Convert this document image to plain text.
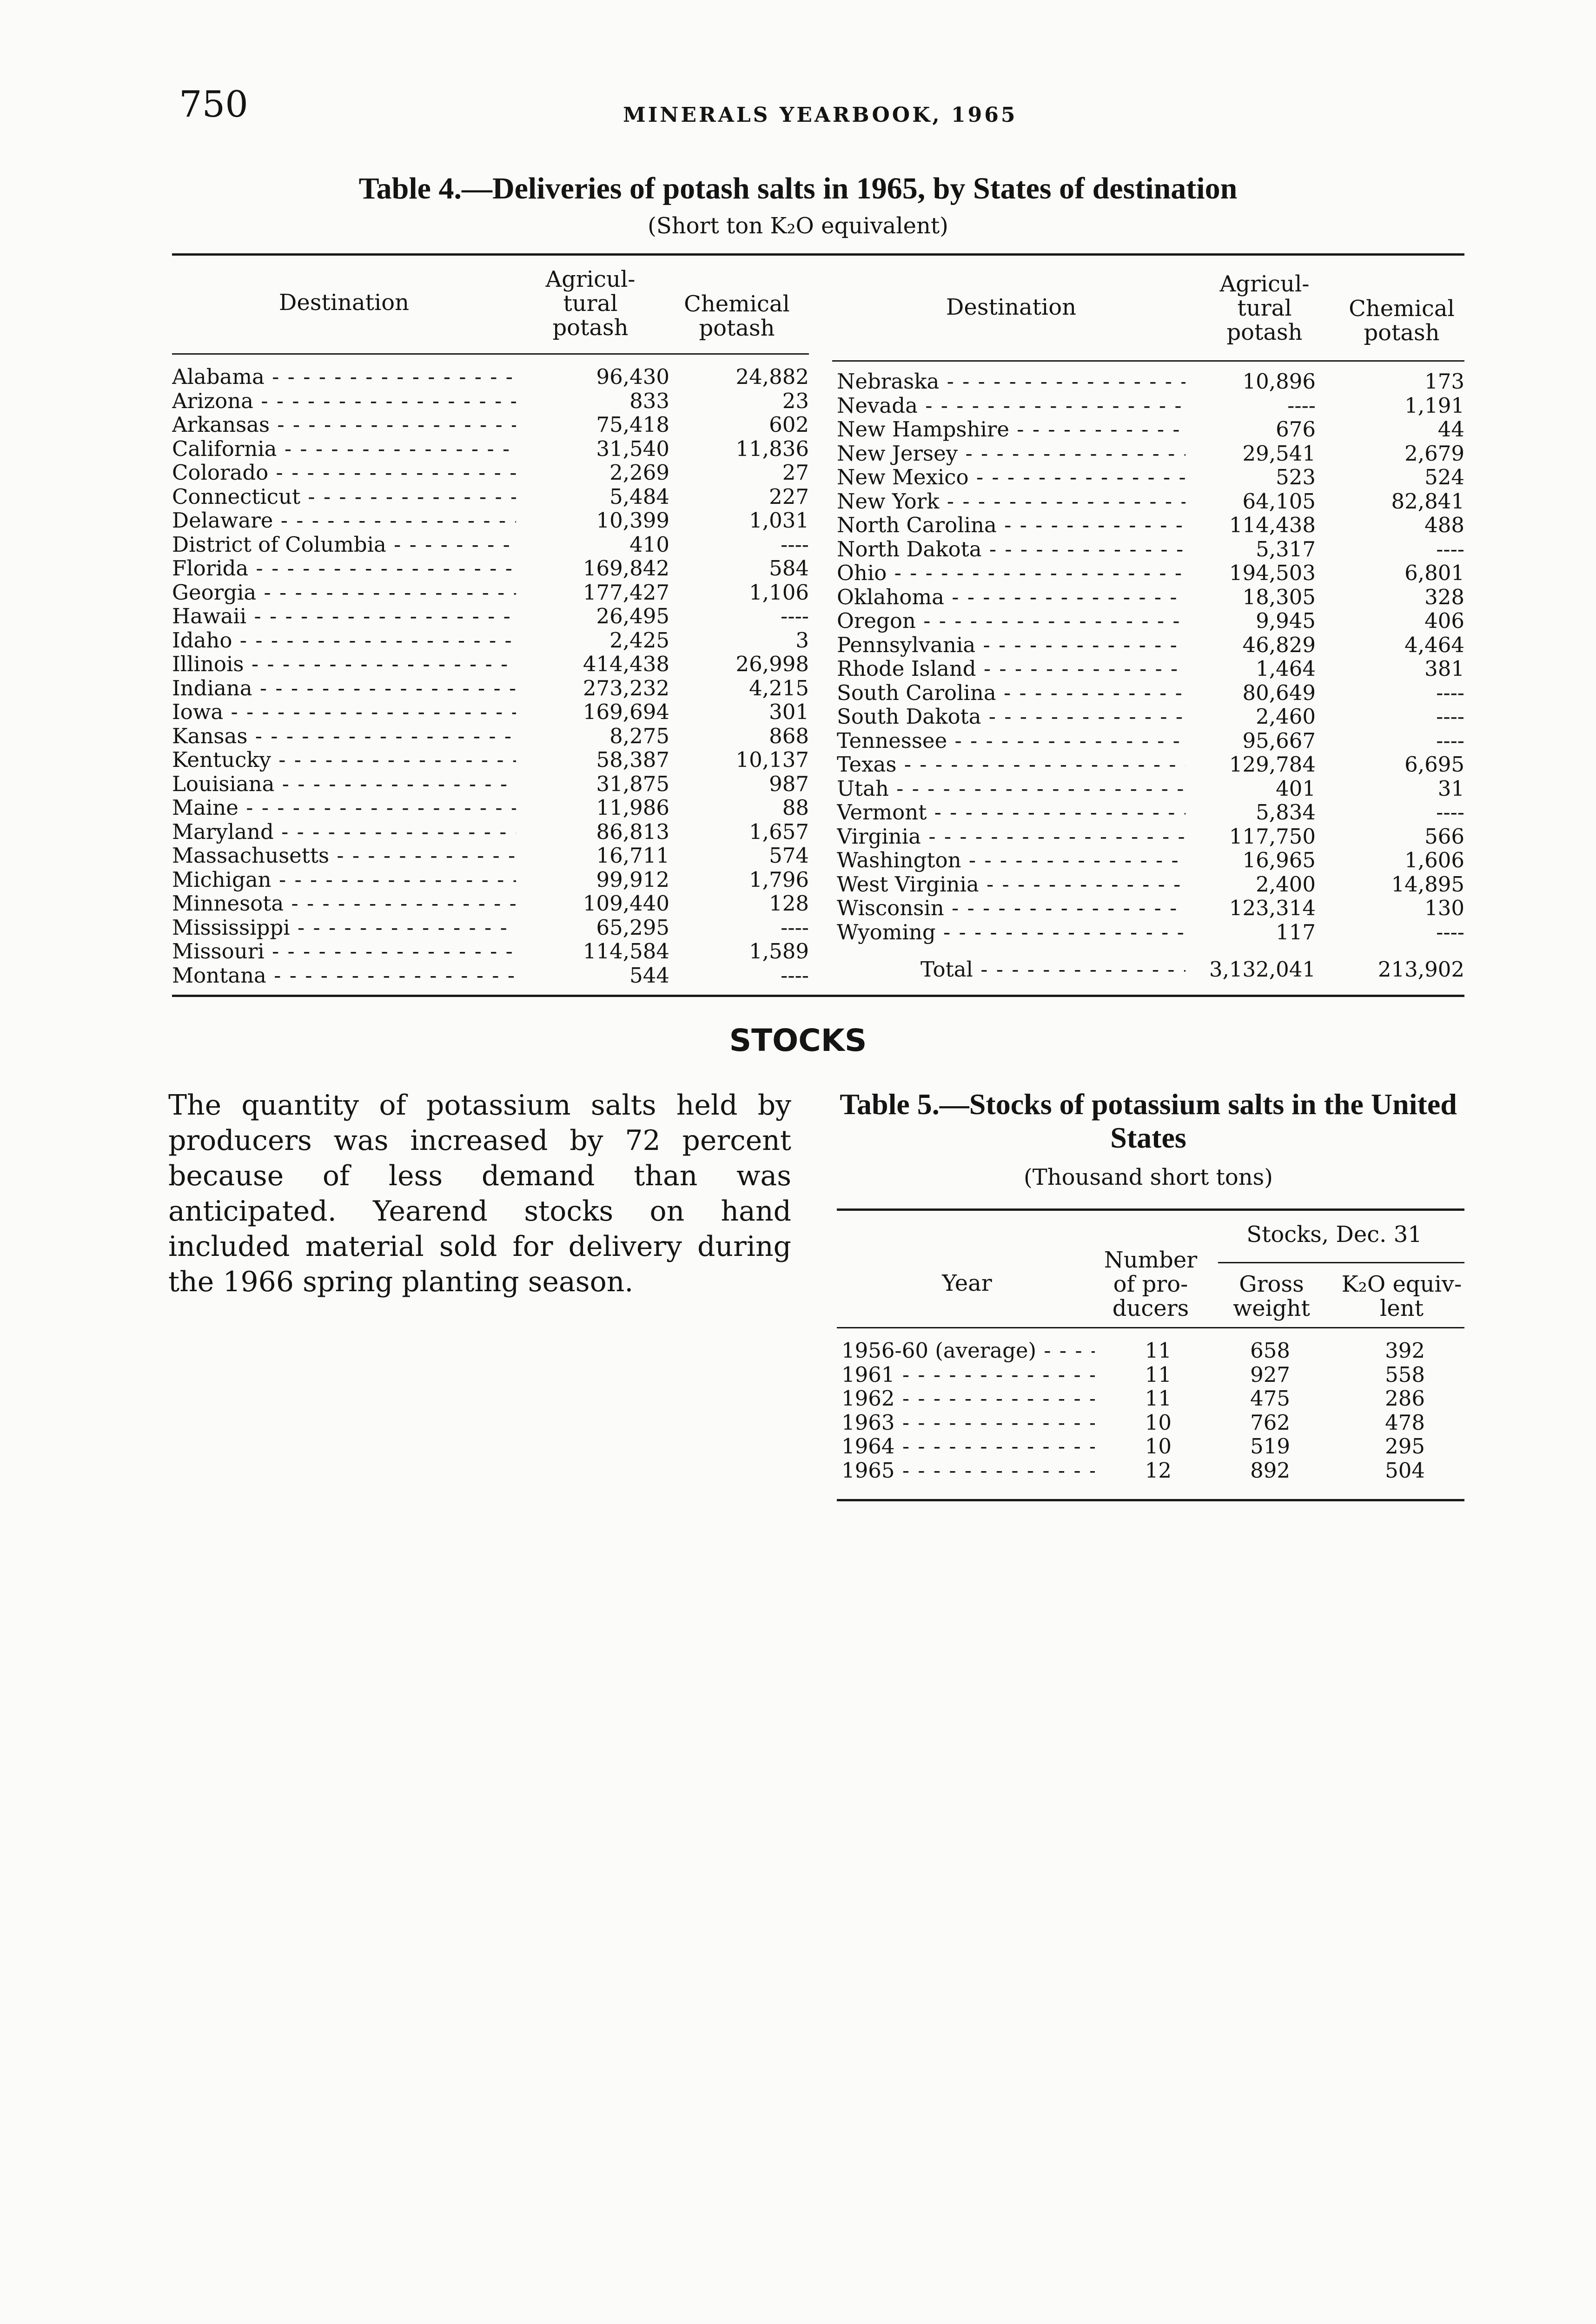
750	MINERALS YEARBOOK, 1965
Table 4.—Deliveries of potash salts in 1965, by States of destination
(Short ton K₂O equivalent)
Destination
Agricul-
tural
potash
Chemical
potash
Destination
Agricul-
tural
potash
Chemical
potash
Alabama - - -	96,430	24,882
Arizona - - -	833	23
Arkansas - - -	75,418	602
California - - -	31,540	11,836
Colorado - - -	2,269	27
Connecticut - - -	5,484	227
Delaware - - -	10,399	1,031
District of Columbia - - -	410	----
Florida - - -	169,842	584
Georgia - - -	177,427	1,106
Hawaii - - -	26,495	----
Idaho - - -	2,425	3
Illinois - - -	414,438	26,998
Indiana - - -	273,232	4,215
Iowa - - -	169,694	301
Kansas - - -	8,275	868
Kentucky - - -	58,387	10,137
Louisiana - - -	31,875	987
Maine - - -	11,986	88
Maryland - - -	86,813	1,657
Massachusetts - - -	16,711	574
Michigan - - -	99,912	1,796
Minnesota - - -	109,440	128
Mississippi - - -	65,295	----
Missouri - - -	114,584	1,589
Montana - - -	544	----
Nebraska - - -	10,896	173
Nevada - - -	----	1,191
New Hampshire - - -	676	44
New Jersey - - -	29,541	2,679
New Mexico - - -	523	524
New York - - -	64,105	82,841
North Carolina - - -	114,438	488
North Dakota - - -	5,317	----
Ohio - - -	194,503	6,801
Oklahoma - - -	18,305	328
Oregon - - -	9,945	406
Pennsylvania - - -	46,829	4,464
Rhode Island - - -	1,464	381
South Carolina - - -	80,649	----
South Dakota - - -	2,460	----
Tennessee - - -	95,667	----
Texas - - -	129,784	6,695
Utah - - -	401	31
Vermont - - -	5,834	----
Virginia - - -	117,750	566
Washington - - -	16,965	1,606
West Virginia - - -	2,400	14,895
Wisconsin - - -	123,314	130
Wyoming - - -	117	----
Total - - -	3,132,041	213,902
STOCKS

The quantity of potassium salts held by producers was increased by 72 percent because of less demand than was anticipated. Yearend stocks on hand included material sold for delivery during the 1966 spring planting season.

Table 5.—Stocks of potassium salts in the United States
(Thousand short tons)
Stocks, Dec. 31
Year
Number
of pro-
ducers
Gross
weight
K₂O equiv-
lent
1956-60 (average) - - -	11	658	392
1961 - - -	11	927	558
1962 - - -	11	475	286
1963 - - -	10	762	478
1964 - - -	10	519	295
1965 - - -	12	892	504
